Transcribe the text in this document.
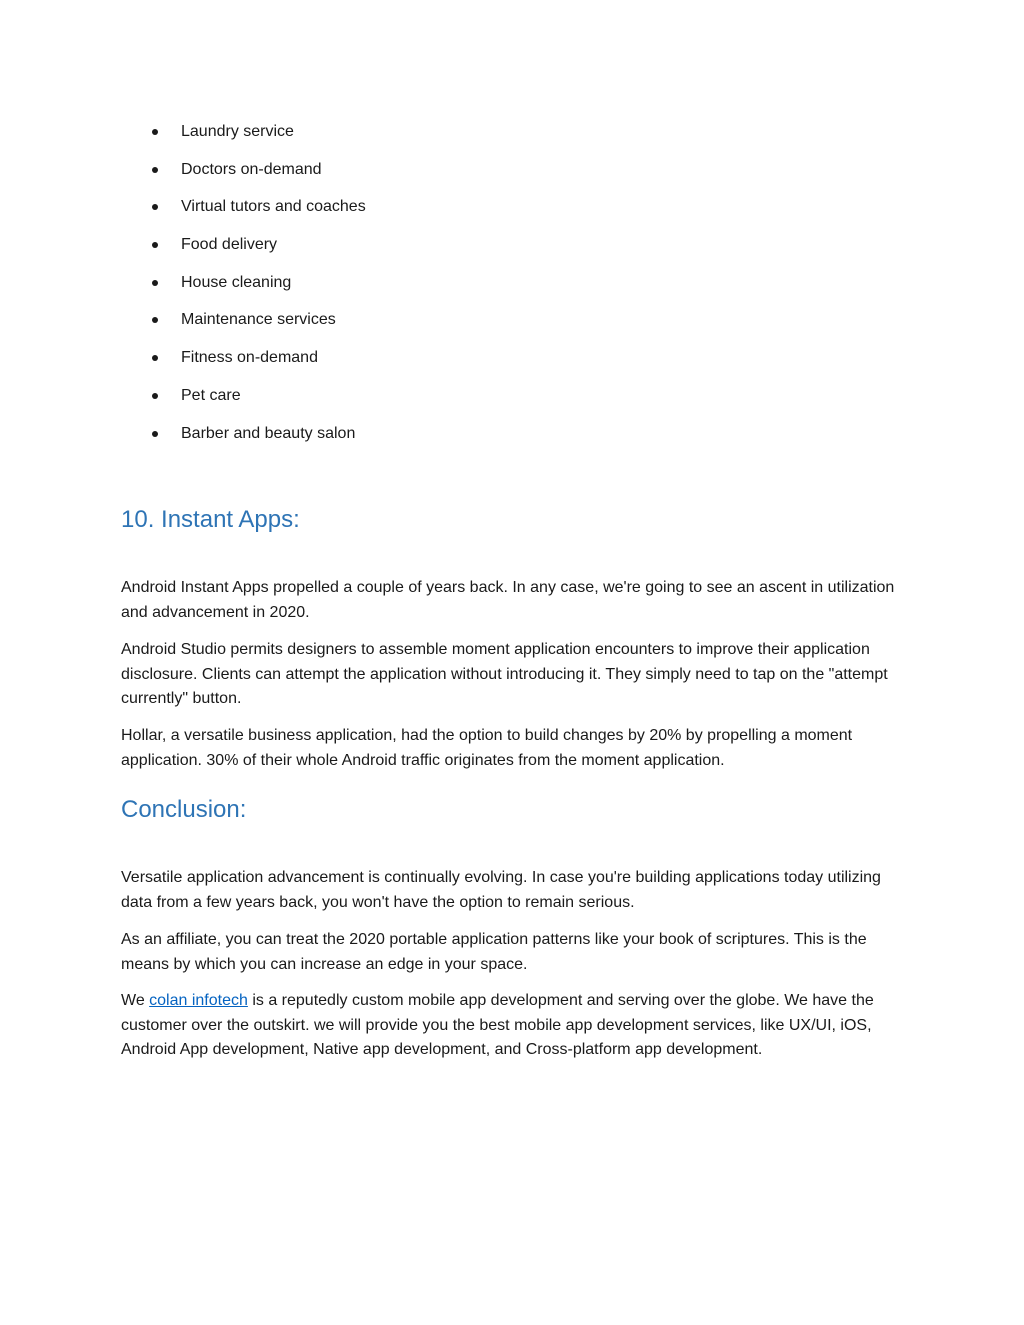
Laundry service
Doctors on-demand
Virtual tutors and coaches
Food delivery
House cleaning
Maintenance services
Fitness on-demand
Pet care
Barber and beauty salon
10. Instant Apps:

Android Instant Apps propelled a couple of years back. In any case, we're going to see an ascent in utilization and advancement in 2020.

Android Studio permits designers to assemble moment application encounters to improve their application disclosure. Clients can attempt the application without introducing it. They simply need to tap on the "attempt currently" button.

Hollar, a versatile business application, had the option to build changes by 20% by propelling a moment application. 30% of their whole Android traffic originates from the moment application.

Conclusion:

Versatile application advancement is continually evolving. In case you're building applications today utilizing data from a few years back, you won't have the option to remain serious.

As an affiliate, you can treat the 2020 portable application patterns like your book of scriptures. This is the means by which you can increase an edge in your space.

We colan infotech is a reputedly custom mobile app development and serving over the globe. We have the customer over the outskirt. we will provide you the best mobile app development services, like UX/UI, iOS, Android App development, Native app development, and Cross-platform app development.
